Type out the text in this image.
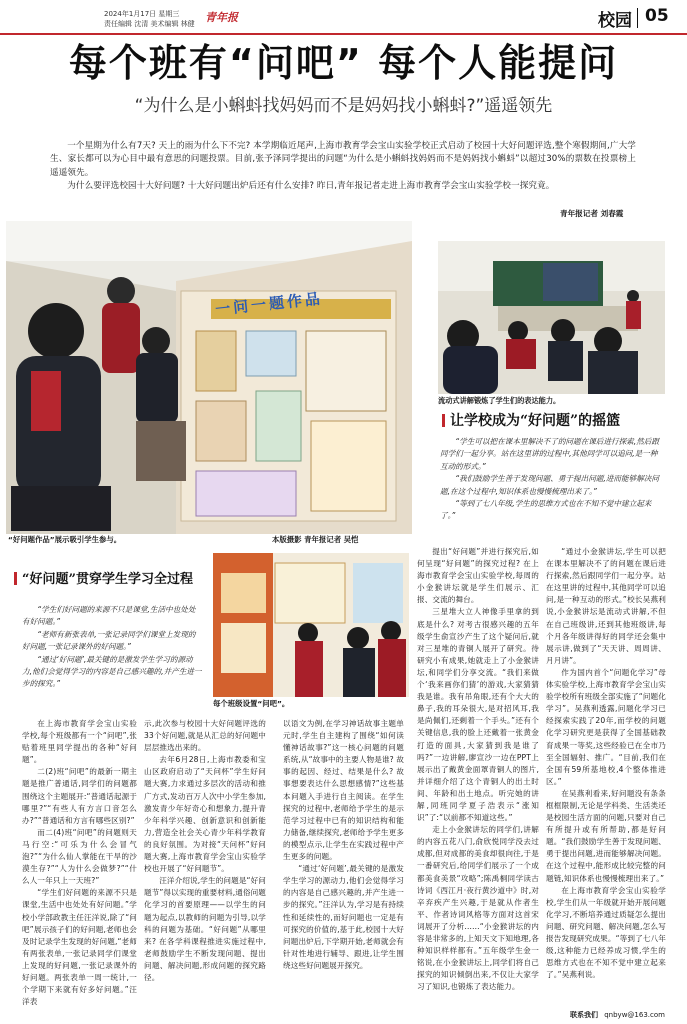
2024年1月17日 星期三
责任编辑 沈清 美术编辑 林健 青年报	校园 05
每个班有“问吧” 每个人能提问
“为什么是小蝌蚪找妈妈而不是妈妈找小蝌蚪?”遥遥领先

一个星期为什么有7天? 天上的雨为什么下不完? 本学期临近尾声,上海市教育学会宝山实验学校正式启动了校园十大好问题评选,整个寒假期间,广大学生、家长都可以为心目中最有意思的问题投票。目前,张予泽同学提出的问题“为什么是小蝌蚪找妈妈而不是妈妈找小蝌蚪”以超过30%的票数在投票榜上遥遥领先。

为什么要评选校园十大好问题? 十大好问题出炉后还有什么安排? 昨日,青年报记者走进上海市教育学会宝山实验学校一探究竟。

青年报记者 刘春霞
一问一题作品
“好问题作品”展示吸引学生参与。	本版摄影 青年报记者 吴恺
流动式讲解锻炼了学生们的表达能力。
让学校成为“好问题”的摇篮

“学生可以把在课本里解决不了的问题在课后进行探索,然后跟同学们一起分享。站在这里讲的过程中,其他同学可以追问,是一种互动的形式。”

“我们鼓励学生善于发现问题、勇于提出问题,进而能够解决问题,在这个过程中,知识体系也慢慢梳理出来了。”

“等到了七八年级,学生的思维方式也在不知不觉中建立起来了。”

“好问题”贯穿学生学习全过程

“学生们好问题的来源不只是课堂,生活中也处处有好问题。”

“老师有新张表单,一张记录同学们课堂上发现的好问题,一张记录课外的好问题。”

“通过‘好问题’,最关键的是激发学生学习的源动力,他们会觉得学习的内容是自己感兴趣的,并产生进一步的探究。”

每个班级设置“问吧”。

在上海市教育学会宝山实验学校,每个班级都有一个“问吧”,张贴着班里同学提出的各种“好问题”。

二(2)班“问吧”的最新一期主题是推广普通话,同学们的问题都围绕这个主题展开:“普通话起源于哪里?”“有些人有方言口音怎么办?”“普通话和方言有哪些区别?”

而二(4)班“问吧”的问题则天马行空:“可乐为什么会冒气泡?”“为什么仙人掌能在干旱的沙漠生存?”“人为什么会做梦?”“什么人一年只上一天班?”

“学生们好问题的来源不只是课堂,生活中也处处有好问题。”学校小学部政教主任汪洋说,除了“问吧”展示孩子们的好问题,老师也会及时记录学生发现的好问题,“老师有两张表单,一张记录同学们课堂上发现的好问题,一张记录课外的好问题。两张表单一周一统计,一个学期下来就有好多好问题。”汪洋表

示,此次参与校园十大好问题评选的33个好问题,就是从汇总的好问题中层层推选出来的。

去年6月28日,上海市教委和宝山区政府启动了“天问杯”学生好问题大赛,力求通过多层次的活动和推广方式,发动百万人次中小学生参加,激发青少年好奇心和想象力,提升青少年科学兴趣、创新意识和创新能力,营造全社会关心青少年科学教育的良好氛围。为对接“天问杯”好问题大赛,上海市教育学会宝山实验学校也开展了“好问题节”。

汪洋介绍说,学生的问题是“好问题节”得以实现的重要材料,通俗问题化学习的首要原理——以学生的问题为起点,以教师的问题为引导,以学科的问题为基础。“好问题”从哪里来? 在各学科课程推进实施过程中,老师鼓励学生不断发现问题、提出问题、解决问题,形成问题的探究路径。

以语文为例,在学习神话故事主题单元时,学生自主建构了围绕“如何读懂神话故事?”这一核心问题的问题系统,从“故事中的主要人物是谁? 故事的起因、经过、结果是什么? 故事想要表达什么思想感情?”这些基本问题入手进行自主阅读。在学生探究的过程中,老师给予学生的是示范学习过程中已有的知识结构和能力储备,继续探究,老师给予学生更多的模型点示,让学生在实践过程中产生更多的问题。

“通过‘好问题’,最关键的是激发学生学习的源动力,他们会觉得学习的内容是自己感兴趣的,并产生进一步的探究。”汪洋认为,学习是有持续性和延续性的,而好问题也一定是有可探究的价值的,基于此,校园十大好问题出炉后,下学期开始,老师就会有针对性地进行辅导、跟进,让学生围绕这些好问题展开探究。

提出“好问题”并进行探究后,如何呈现“好问题”的探究过程? 在上海市教育学会宝山实验学校,每周的小金猴讲坛就是学生们展示、汇报、交流的舞台。

三星堆大立人神像手里拿的到底是什么? 对考古很感兴趣的五年级学生俞宣沙产生了这个疑问后,就对三星堆的青铜人展开了研究。待研究小有成果,她就走上了小金猴讲坛,和同学们分享交流。“我们来做个‘我来画你们猜’的游戏,大家猜猜我是谁。我有吊角眼,还有个大大的鼻子,我的耳朵很大,是对招风耳,我是尚佩们,还剩着一个手头。”还有个关键信息,我的脸上还戴着一张黄金打造的面具,大家猜到我是谁了吗?”一边讲解,廖宣沙一边在PPT上展示出了戴黄金面罩青铜人的图片,并详细介绍了这个青铜人的出土时间、年龄和出土地点。听完她的讲解,同班同学夏子浩表示“涨知识”了:“以前都不知道这些。”

走上小金猴讲坛的同学们,讲解的内容五花八门,俞欣悦同学没去过成都,但对成都的美食却很向往,于是一番研究后,给同学们展示了一个成都美食美景“攻略”;陈禹桐同学读古诗词《西江月·夜行黄沙道中》时,对辛弃疾产生兴趣,于是就从作者生平、作者诗词风格等方面对这首宋词展开了分析……“小金猴讲坛的内容是非常多的,上知天文下知地理,各种知识样样都有。”五年级学生金一铭说,在小金猴讲坛上,同学们将自己探究的知识倾倒出来,不仅让大家学习了知识,也锻炼了表达能力。

“通过小金猴讲坛,学生可以把在课本里解决不了的问题在课后进行探索,然后跟同学们一起分享。站在这里讲的过程中,其他同学可以追问,是一种互动的形式。”校长吴燕利说,小金猴讲坛是流动式讲解,不但在自己班级讲,还到其他班级讲,每个月各年级讲得好的同学还会集中展示讲,做到了“天天讲、周周讲、月月讲”。

作为国内首个“问题化学习”母体实验学校,上海市教育学会宝山实验学校所有班级全部实施了“问题化学习”。吴燕利透露,问题化学习已经探索实践了20年,而学校的问题化学习研究更是获得了全国基础教育成果一等奖,这些经验已在全市乃至全国辐射、推广。“目前,我们在全国有59所基地校,4个整体推进区。”

在吴燕利看来,好问题没有条条框框限制,无论是学科类、生活类还是校园生活方面的问题,只要对自己有所提升或有所帮助,都是好问题。“我们鼓励学生善于发现问题、勇于提出问题,进而能够解决问题。在这个过程中,能形成比较完整的问题链,知识体系也慢慢梳理出来了。”

在上海市教育学会宝山实验学校,学生们从一年级就开始开展问题化学习,不断培养通过质疑怎么提出问题、研究问题、解决问题,怎么写报告发现研究成果。“等到了七八年级,这种能力已经养成习惯,学生的思维方式也在不知不觉中建立起来了。”吴燕利说。

联系我们 qnbyw@163.com
